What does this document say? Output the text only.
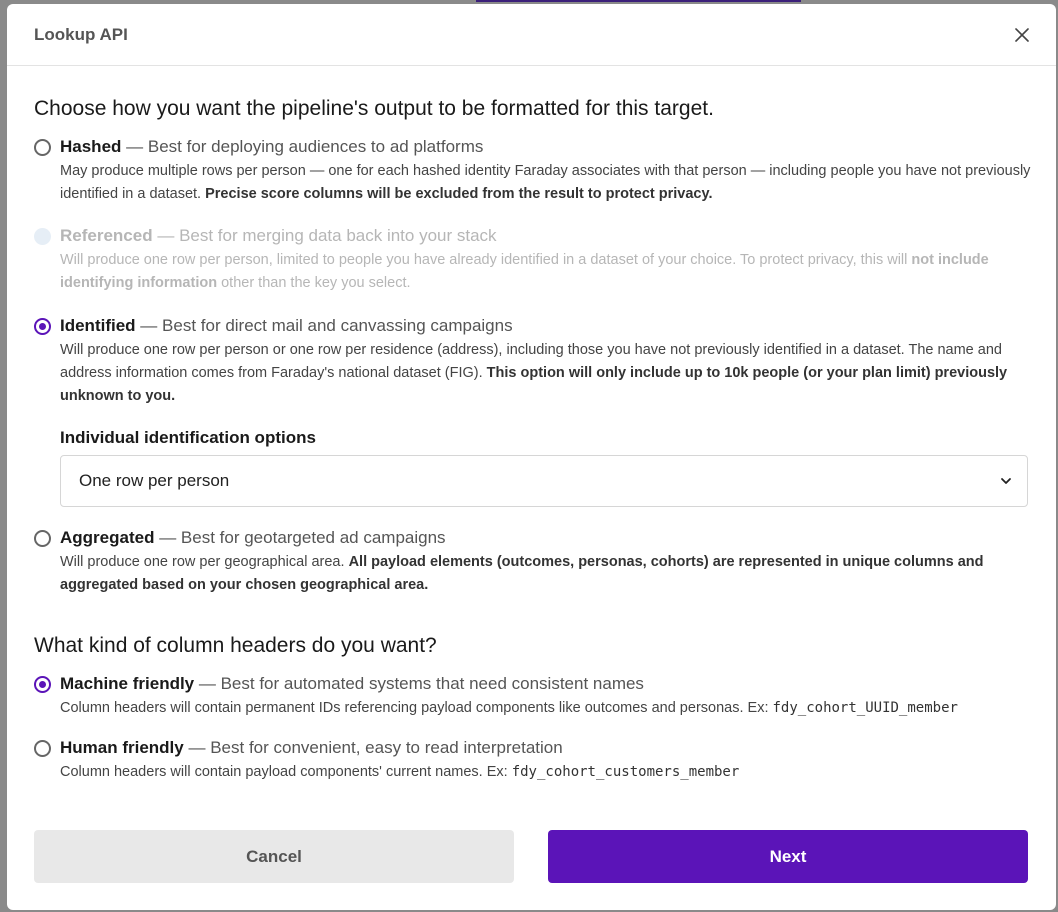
Lookup API
Choose how you want the pipeline's output to be formatted for this target.
Hashed — Best for deploying audiences to ad platforms
May produce multiple rows per person — one for each hashed identity Faraday associates with that person — including people you have not previously identified in a dataset. Precise score columns will be excluded from the result to protect privacy.
Referenced — Best for merging data back into your stack
Will produce one row per person, limited to people you have already identified in a dataset of your choice. To protect privacy, this will not include identifying information other than the key you select.
Identified — Best for direct mail and canvassing campaigns
Will produce one row per person or one row per residence (address), including those you have not previously identified in a dataset. The name and address information comes from Faraday's national dataset (FIG). This option will only include up to 10k people (or your plan limit) previously unknown to you.
Individual identification options
One row per person
Aggregated — Best for geotargeted ad campaigns
Will produce one row per geographical area. All payload elements (outcomes, personas, cohorts) are represented in unique columns and aggregated based on your chosen geographical area.
What kind of column headers do you want?
Machine friendly — Best for automated systems that need consistent names
Column headers will contain permanent IDs referencing payload components like outcomes and personas. Ex: fdy_cohort_UUID_member
Human friendly — Best for convenient, easy to read interpretation
Column headers will contain payload components' current names. Ex: fdy_cohort_customers_member
Cancel	Next
